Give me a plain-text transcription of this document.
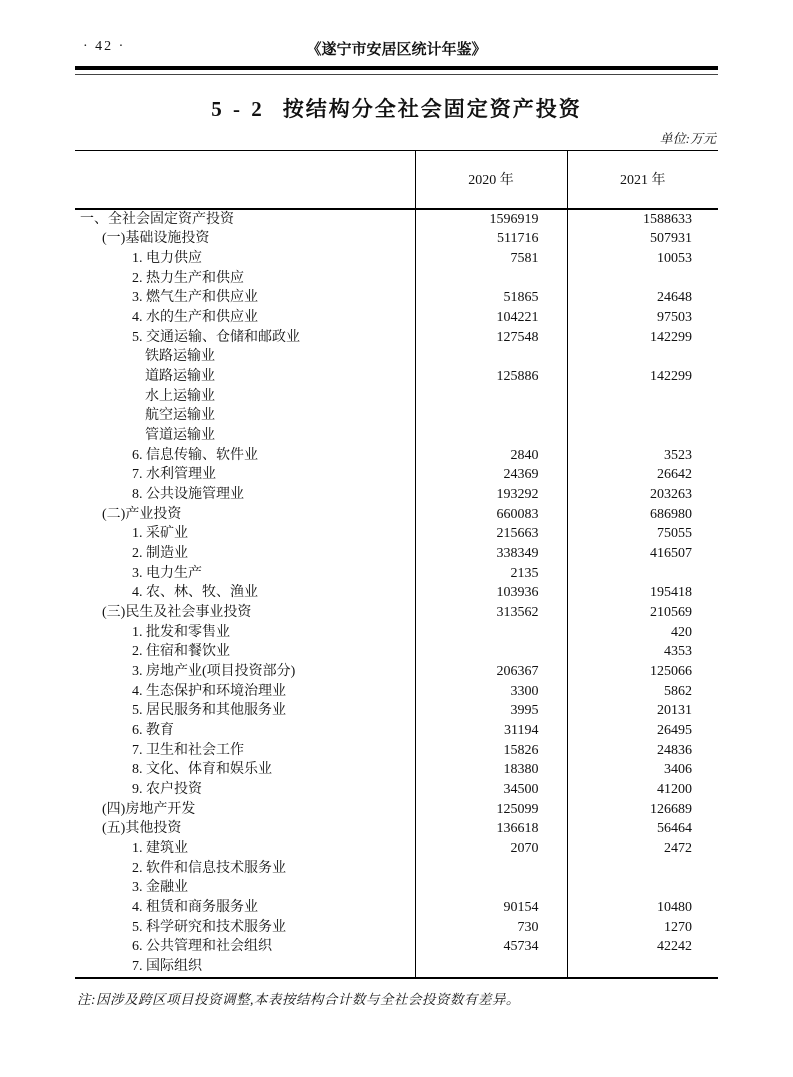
· 42 ·	《遂宁市安居区统计年鉴》
5 - 2 按结构分全社会固定资产投资
单位:万元
	2020 年	2021 年
一、全社会固定资产投资	1596919	1588633
(一)基础设施投资	511716	507931
1. 电力供应	7581	10053
2. 热力生产和供应		
3. 燃气生产和供应业	51865	24648
4. 水的生产和供应业	104221	97503
5. 交通运输、仓储和邮政业	127548	142299
铁路运输业		
道路运输业	125886	142299
水上运输业		
航空运输业		
管道运输业		
6. 信息传输、软件业	2840	3523
7. 水利管理业	24369	26642
8. 公共设施管理业	193292	203263
(二)产业投资	660083	686980
1. 采矿业	215663	75055
2. 制造业	338349	416507
3. 电力生产	2135	
4. 农、林、牧、渔业	103936	195418
(三)民生及社会事业投资	313562	210569
1. 批发和零售业		420
2. 住宿和餐饮业		4353
3. 房地产业(项目投资部分)	206367	125066
4. 生态保护和环境治理业	3300	5862
5. 居民服务和其他服务业	3995	20131
6. 教育	31194	26495
7. 卫生和社会工作	15826	24836
8. 文化、体育和娱乐业	18380	3406
9. 农户投资	34500	41200
(四)房地产开发	125099	126689
(五)其他投资	136618	56464
1. 建筑业	2070	2472
2. 软件和信息技术服务业		
3. 金融业		
4. 租赁和商务服务业	90154	10480
5. 科学研究和技术服务业	730	1270
6. 公共管理和社会组织	45734	42242
7. 国际组织		

注:因涉及跨区项目投资调整,本表按结构合计数与全社会投资数有差异。
